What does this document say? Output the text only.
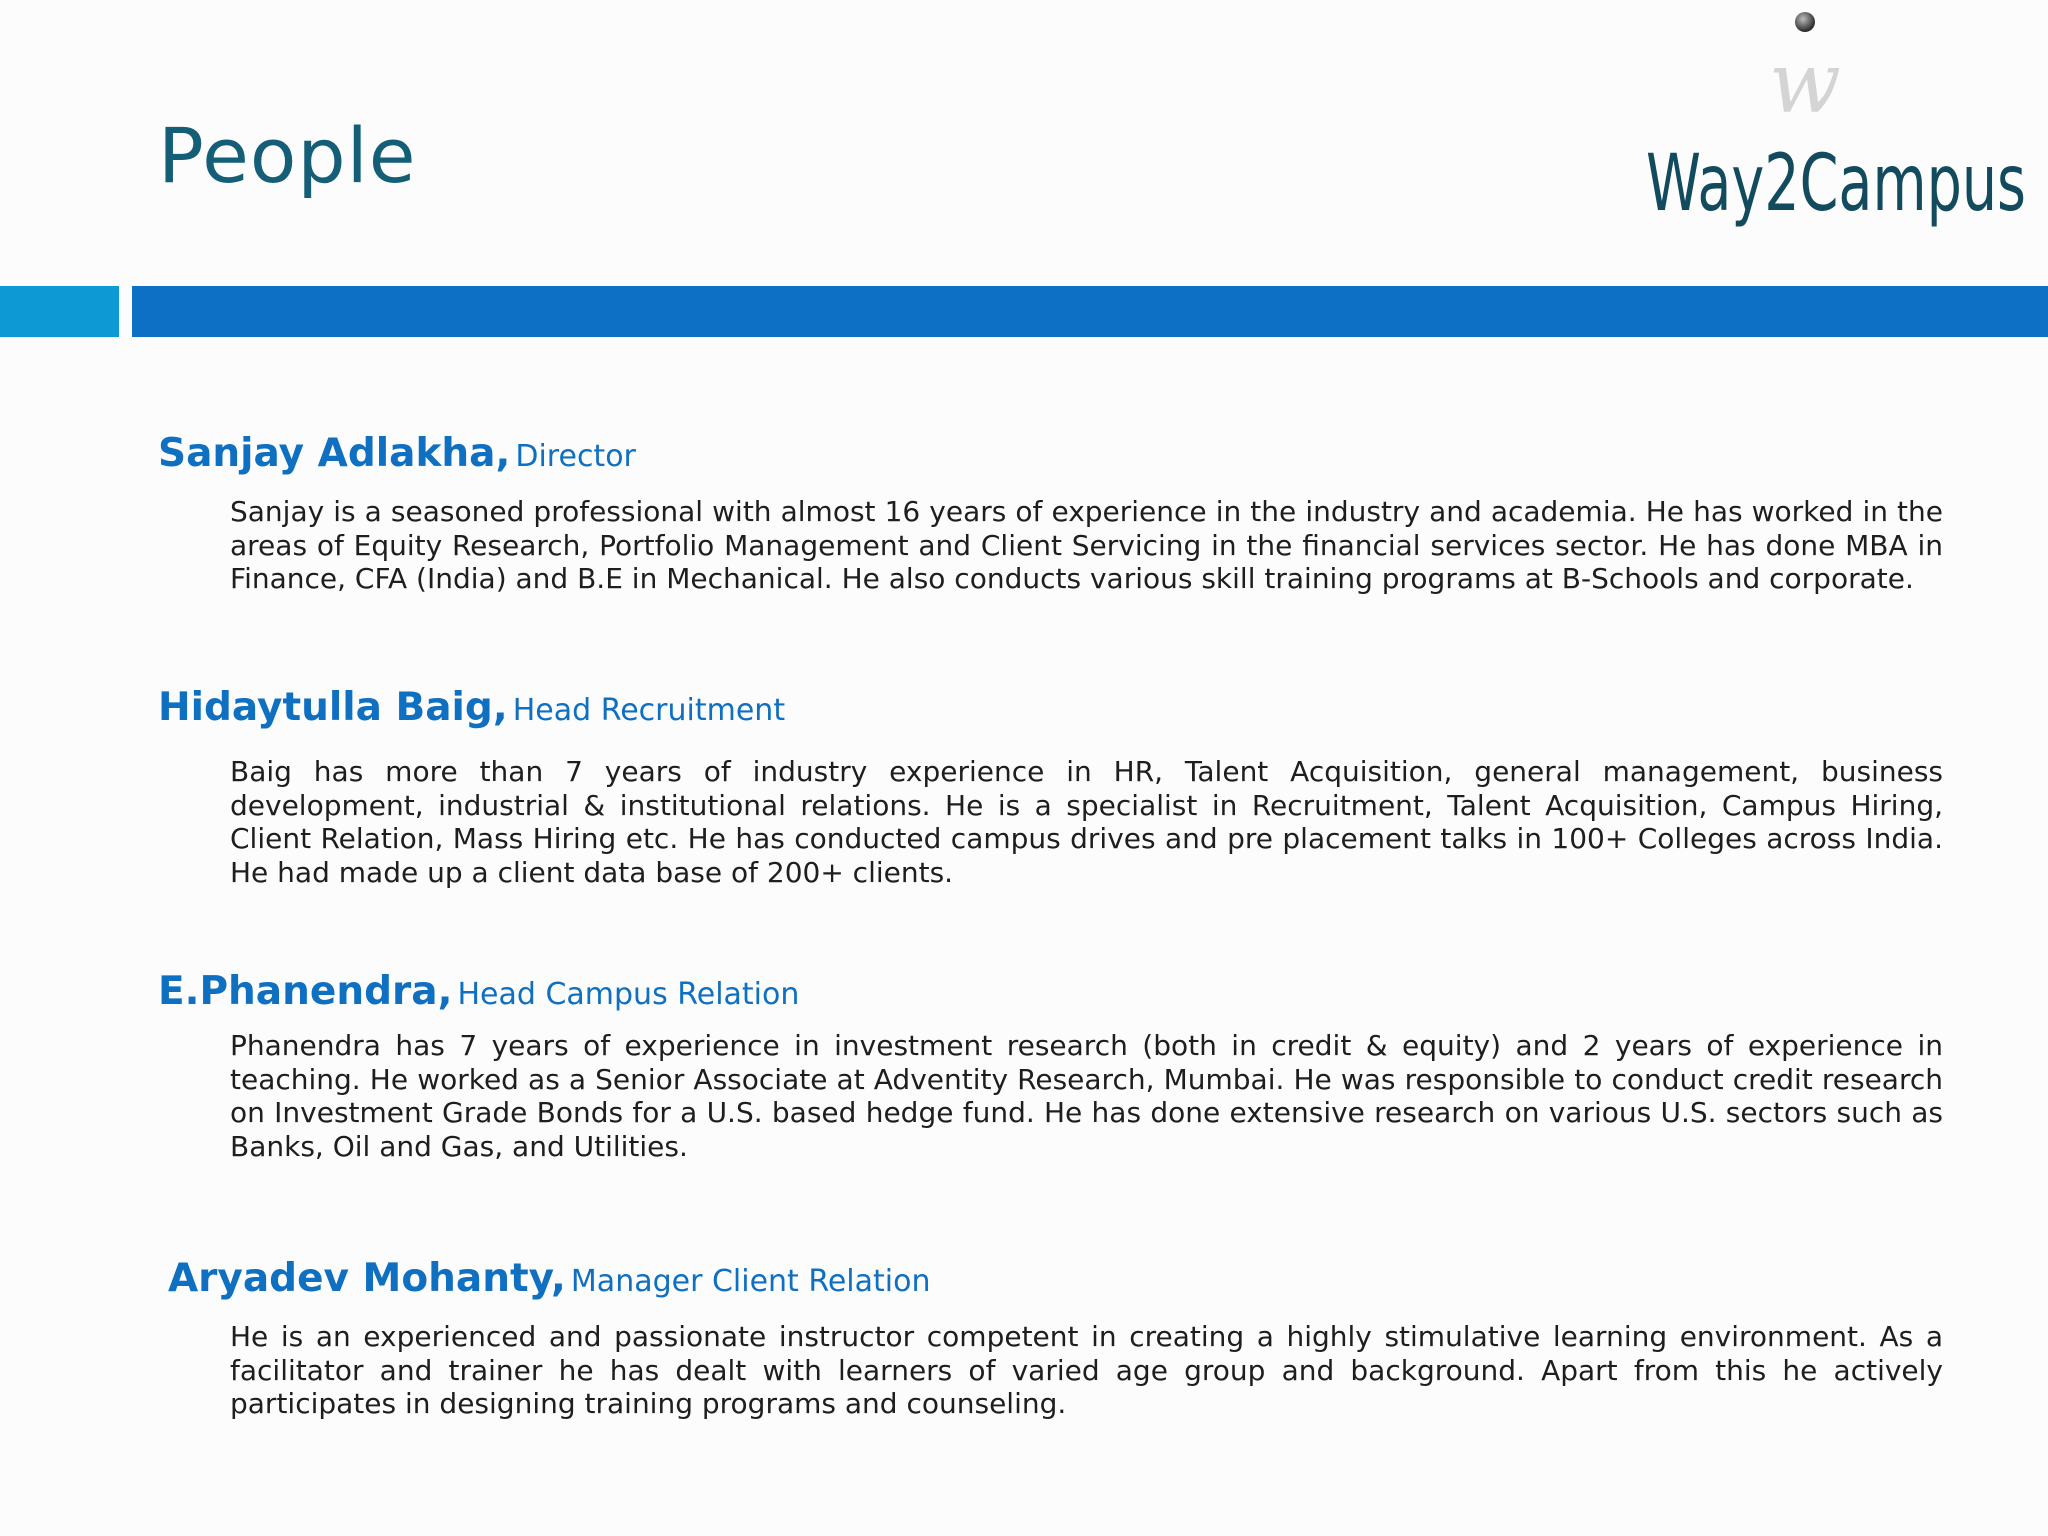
People
w
Way2Campus

Sanjay Adlakha, Director

Sanjay is a seasoned professional with almost 16 years of experience in the industry and academia. He has worked in the areas of Equity Research, Portfolio Management and Client Servicing in the financial services sector. He has done MBA in Finance, CFA (India) and B.E in Mechanical. He also conducts various skill training programs at B-Schools and corporate.

Hidaytulla Baig, Head Recruitment

Baig has more than 7 years of industry experience in HR, Talent Acquisition, general management, business development, industrial & institutional relations. He is a specialist in Recruitment, Talent Acquisition, Campus Hiring, Client Relation, Mass Hiring etc. He has conducted campus drives and pre placement talks in 100+ Colleges across India. He had made up a client data base of 200+ clients.

E.Phanendra, Head Campus Relation

Phanendra has 7 years of experience in investment research (both in credit & equity) and 2 years of experience in teaching. He worked as a Senior Associate at Adventity Research, Mumbai. He was responsible to conduct credit research on Investment Grade Bonds for a U.S. based hedge fund. He has done extensive research on various U.S. sectors such as Banks, Oil and Gas, and Utilities.

Aryadev Mohanty, Manager Client Relation

He is an experienced and passionate instructor competent in creating a highly stimulative learning environment. As a facilitator and trainer he has dealt with learners of varied age group and background. Apart from this he actively participates in designing training programs and counseling.
